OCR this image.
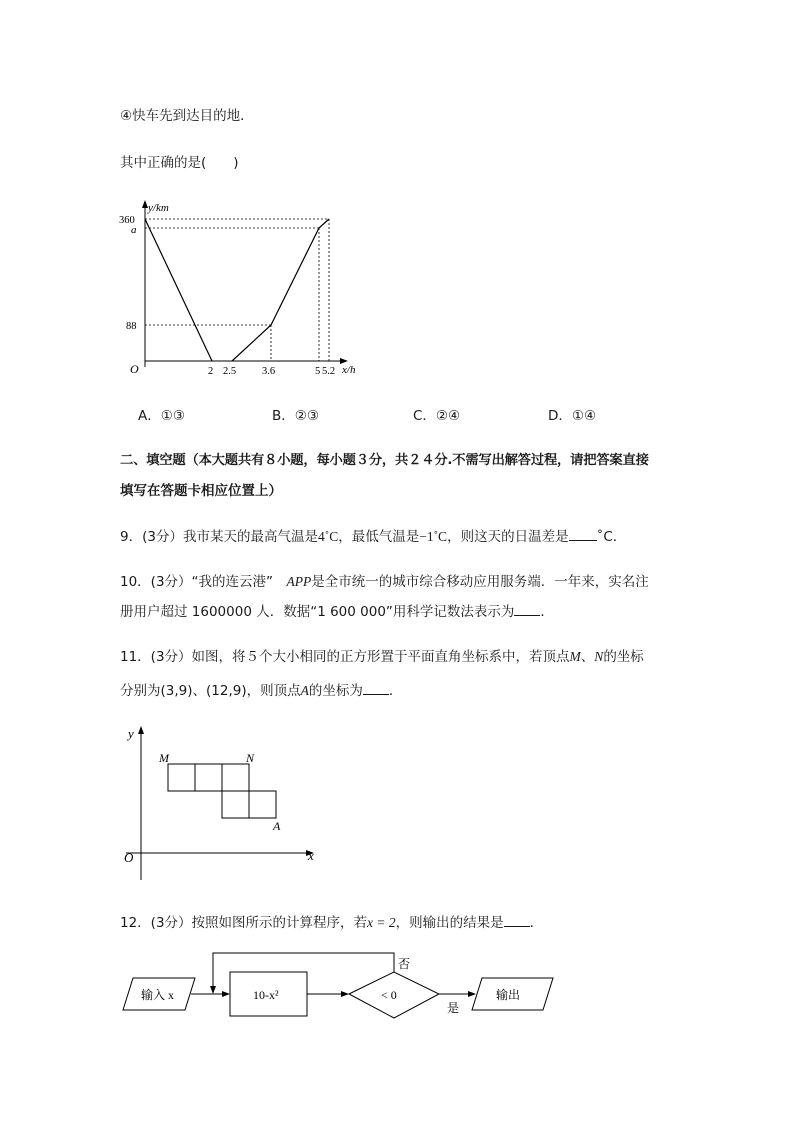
④快车先到达目的地．
其中正确的是(　　)
y/km
x/h
O
360
a
88
2 2.5 3.6	5 5.2
A．①③	B．②③	C．②④	D．①④
二、填空题（本大题共有８小题，每小题３分，共２４分.不需写出解答过程，请把答案直接
填写在答题卡相应位置上）
9．(3分）我市某天的最高气温是4˚C，最低气温是−1˚C，则这天的日温差是 ˚C．
10．(3分）“我的连云港”　APP是全市统一的城市综合移动应用服务端．一年来，实名注
册用户超过 1600000 人．数据“1 600 000”用科学记数法表示为 ．
11．(3分）如图，将５个大小相同的正方形置于平面直角坐标系中，若顶点M、N的坐标
分别为(3,9)、(12,9)，则顶点A的坐标为 ．
y
x
O
M	N
A
12．(3分）按照如图所示的计算程序，若x = 2，则输出的结果是 ．
输入 x	10-x²	< 0
否
是
输出
